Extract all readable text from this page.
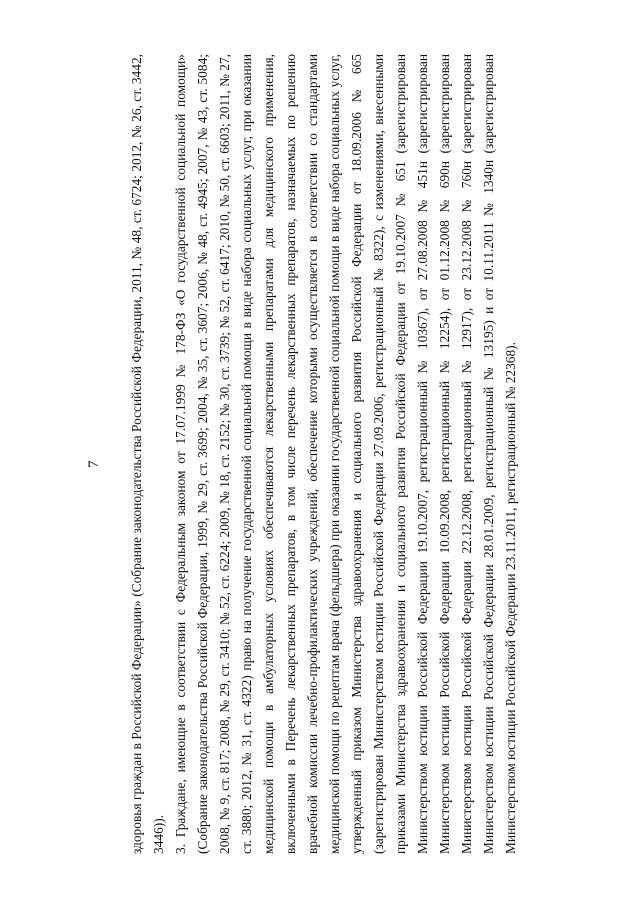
7 здоровья граждан в Российской Федерации» (Собрание законодательства Российской Федерации, 2011, № 48, ст. 6724; 2012, № 26, ст. 3442, 3446)). 3. Граждане, имеющие в соответствии с Федеральным законом от 17.07.1999 № 178-ФЗ «О государственной социальной помощи» (Собрание законодательства Российской Федерации, 1999, № 29, ст. 3699; 2004, № 35, ст. 3607; 2006, № 48, ст. 4945; 2007, № 43, ст. 5084; 2008, № 9, ст. 817; 2008, № 29, ст. 3410; № 52, ст. 6224; 2009, № 18, ст. 2152; № 30, ст. 3739; № 52, ст. 6417; 2010, № 50, ст. 6603; 2011, № 27, ст. 3880; 2012, № 31, ст. 4322) право на получение государственной социальной помощи в виде набора социальных услуг, при оказании медицинской помощи в амбулаторных условиях обеспечиваются лекарственными препаратами для медицинского применения, включенными в Перечень лекарственных препаратов, в том числе перечень лекарственных препаратов, назначаемых по решению врачебной комиссии лечебно-профилактических учреждений, обеспечение которыми осуществляется в соответствии со стандартами медицинской помощи по рецептам врача (фельдшера) при оказании государственной социальной помощи в виде набора социальных услуг, утвержденный приказом Министерства здравоохранения и социального развития Российской Федерации от 18.09.2006 № 665 (зарегистрирован Министерством юстиции Российской Федерации 27.09.2006, регистрационный № 8322), с изменениями, внесенными приказами Министерства здравоохранения и социального развития Российской Федерации от 19.10.2007 № 651 (зарегистрирован Министерством юстиции Российской Федерации 19.10.2007, регистрационный № 10367), от 27.08.2008 № 451н (зарегистрирован Министерством юстиции Российской Федерации 10.09.2008, регистрационный № 12254), от 01.12.2008 № 690н (зарегистрирован Министерством юстиции Российской Федерации 22.12.2008, регистрационный № 12917), от 23.12.2008 № 760н (зарегистрирован Министерством юстиции Российской Федерации 28.01.2009, регистрационный № 13195) и от 10.11.2011 № 1340н (зарегистрирован Министерством юстиции Российской Федерации 23.11.2011, регистрационный № 22368).
